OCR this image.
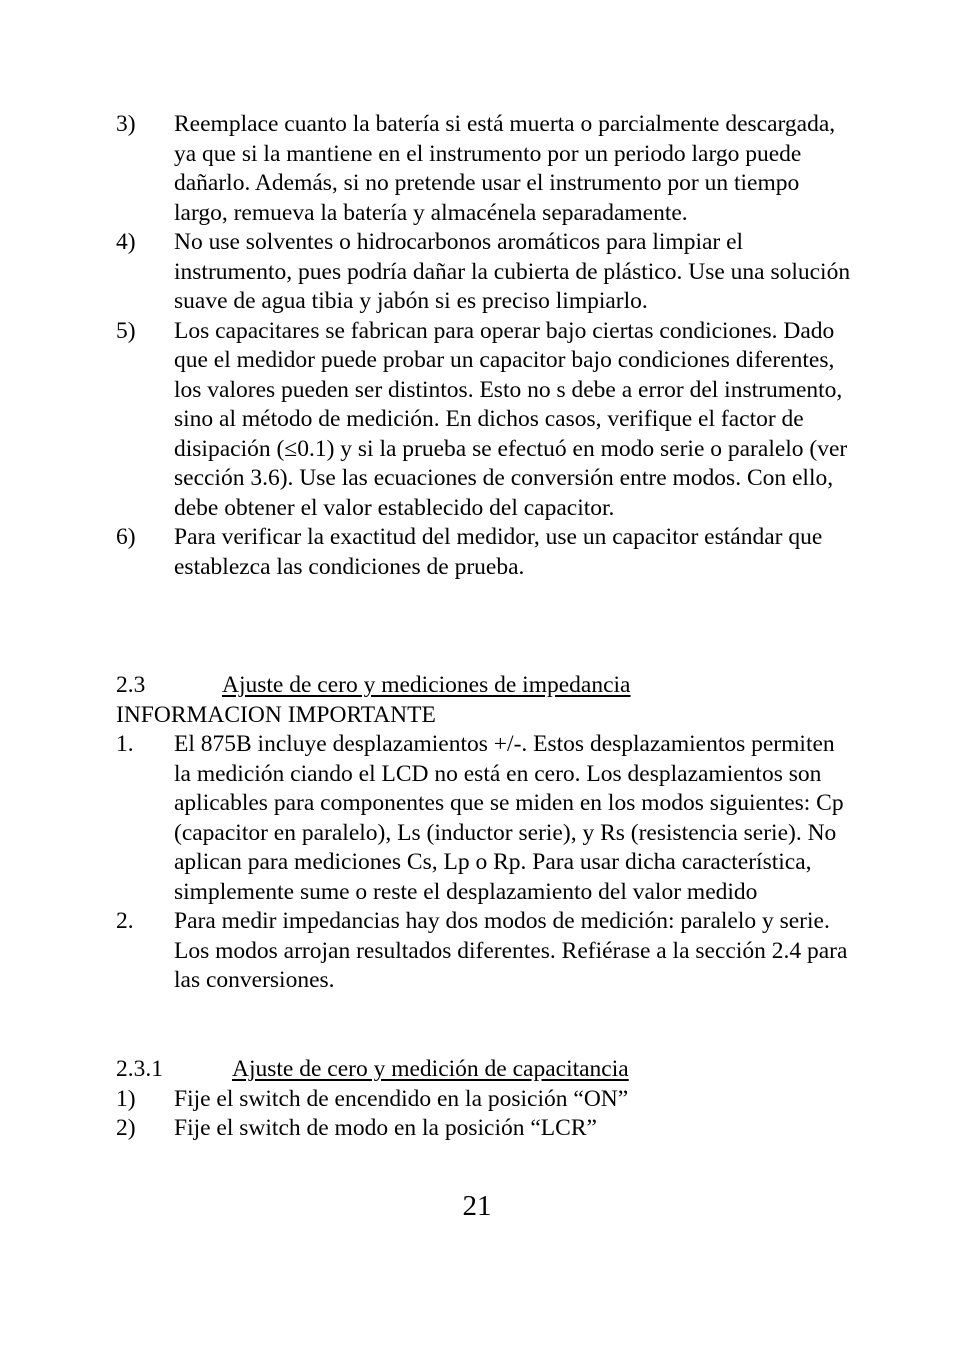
3)	Reemplace cuanto la batería si está muerta o parcialmente descargada, ya que si la mantiene en el instrumento por un periodo largo puede dañarlo. Además, si no pretende usar el instrumento por un tiempo largo, remueva la batería y almacénela separadamente.
4)	No use solventes o hidrocarbonos aromáticos para limpiar el instrumento, pues podría dañar la cubierta de plástico. Use una solución suave de agua tibia y jabón si es preciso limpiarlo.
5)	Los capacitares se fabrican para operar bajo ciertas condiciones. Dado que el medidor puede probar un capacitor bajo condiciones diferentes, los valores pueden ser distintos. Esto no s debe a error del instrumento, sino al método de medición. En dichos casos, verifique el factor de disipación (≤0.1) y si la prueba se efectuó en modo serie o paralelo (ver sección 3.6). Use las ecuaciones de conversión entre modos. Con ello, debe obtener el valor establecido del capacitor.
6)	Para verificar la exactitud del medidor, use un capacitor estándar que establezca las condiciones de prueba.
2.3	Ajuste de cero y mediciones de impedancia
INFORMACION IMPORTANTE
1.	El 875B incluye desplazamientos +/-. Estos desplazamientos permiten la medición ciando el LCD no está en cero. Los desplazamientos son aplicables para componentes que se miden en los modos siguientes: Cp (capacitor en paralelo), Ls (inductor serie), y Rs (resistencia serie). No aplican para mediciones Cs, Lp o Rp. Para usar dicha característica, simplemente sume o reste el desplazamiento del valor medido
2.	Para medir impedancias hay dos modos de medición: paralelo y serie. Los modos arrojan resultados diferentes. Refiérase a la sección 2.4 para las conversiones.
2.3.1	Ajuste de cero y medición de capacitancia
1)	Fije el switch de encendido en la posición “ON”
2)	Fije el switch de modo en la posición “LCR”
21
